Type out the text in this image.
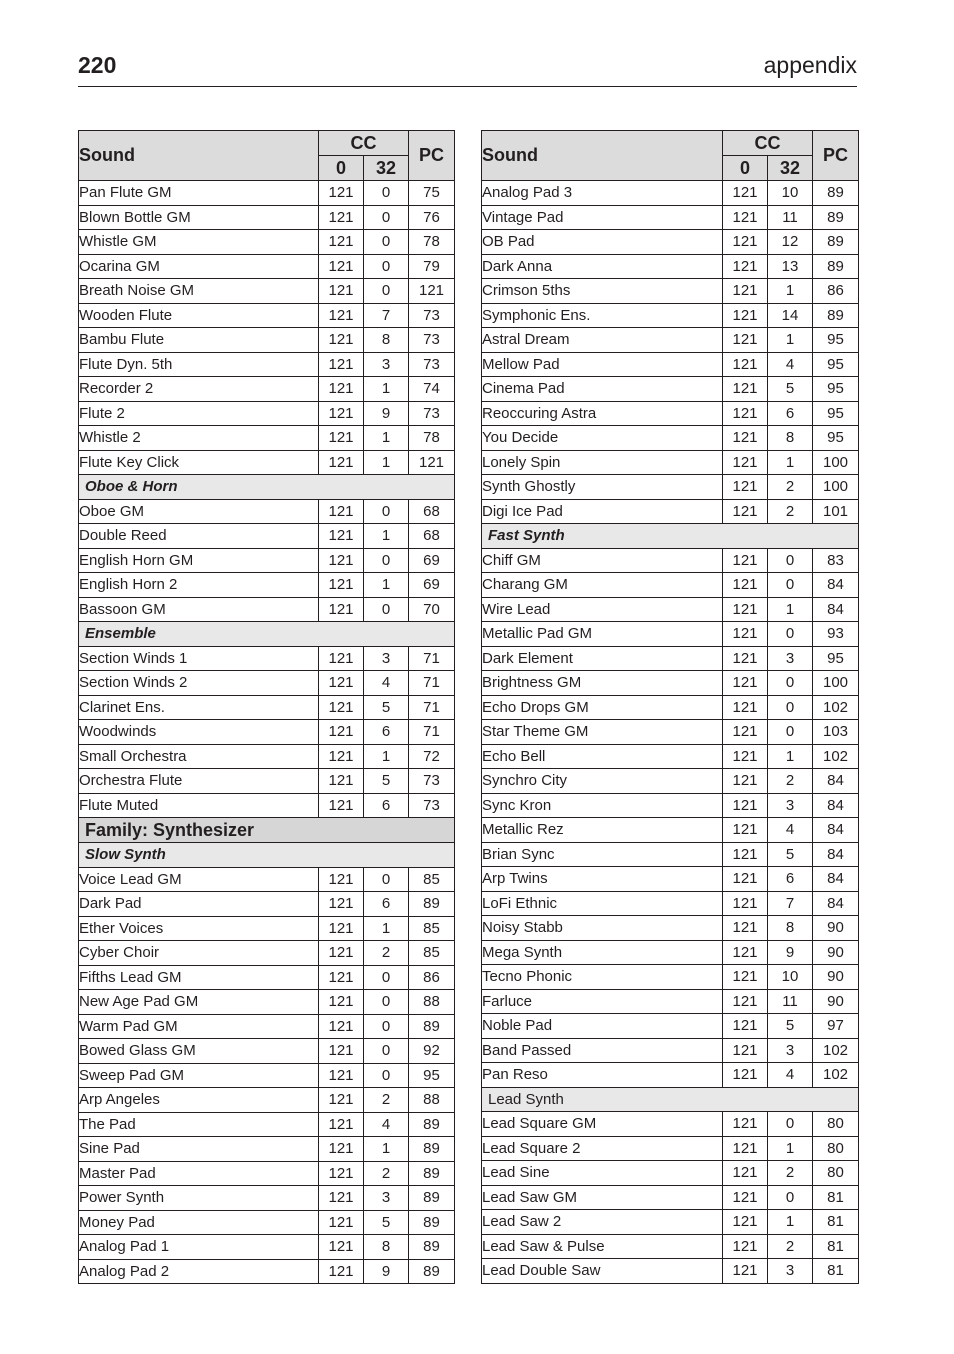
220	appendix
Sound	CC		PC
	0	32	
Pan Flute GM	121	0	75
Blown Bottle GM	121	0	76
Whistle GM	121	0	78
Ocarina GM	121	0	79
Breath Noise GM	121	0	121
Wooden Flute	121	7	73
Bambu Flute	121	8	73
Flute Dyn. 5th	121	3	73
Recorder 2	121	1	74
Flute 2	121	9	73
Whistle 2	121	1	78
Flute Key Click	121	1	121
Oboe & Horn			
Oboe GM	121	0	68
Double Reed	121	1	68
English Horn GM	121	0	69
English Horn 2	121	1	69
Bassoon GM	121	0	70
Ensemble			
Section Winds 1	121	3	71
Section Winds 2	121	4	71
Clarinet Ens.	121	5	71
Woodwinds	121	6	71
Small Orchestra	121	1	72
Orchestra Flute	121	5	73
Flute Muted	121	6	73
Family: Synthesizer			
Slow Synth			
Voice Lead GM	121	0	85
Dark Pad	121	6	89
Ether Voices	121	1	85
Cyber Choir	121	2	85
Fifths Lead GM	121	0	86
New Age Pad GM	121	0	88
Warm Pad GM	121	0	89
Bowed Glass GM	121	0	92
Sweep Pad GM	121	0	95
Arp Angeles	121	2	88
The Pad	121	4	89
Sine Pad	121	1	89
Master Pad	121	2	89
Power Synth	121	3	89
Money Pad	121	5	89
Analog Pad 1	121	8	89
Analog Pad 2	121	9	89
Sound	CC		PC
	0	32	
Analog Pad 3	121	10	89
Vintage Pad	121	11	89
OB Pad	121	12	89
Dark Anna	121	13	89
Crimson 5ths	121	1	86
Symphonic Ens.	121	14	89
Astral Dream	121	1	95
Mellow Pad	121	4	95
Cinema Pad	121	5	95
Reoccuring Astra	121	6	95
You Decide	121	8	95
Lonely Spin	121	1	100
Synth Ghostly	121	2	100
Digi Ice Pad	121	2	101
Fast Synth			
Chiff GM	121	0	83
Charang GM	121	0	84
Wire Lead	121	1	84
Metallic Pad GM	121	0	93
Dark Element	121	3	95
Brightness GM	121	0	100
Echo Drops GM	121	0	102
Star Theme GM	121	0	103
Echo Bell	121	1	102
Synchro City	121	2	84
Sync Kron	121	3	84
Metallic Rez	121	4	84
Brian Sync	121	5	84
Arp Twins	121	6	84
LoFi Ethnic	121	7	84
Noisy Stabb	121	8	90
Mega Synth	121	9	90
Tecno Phonic	121	10	90
Farluce	121	11	90
Noble Pad	121	5	97
Band Passed	121	3	102
Pan Reso	121	4	102
Lead Synth			
Lead Square GM	121	0	80
Lead Square 2	121	1	80
Lead Sine	121	2	80
Lead Saw GM	121	0	81
Lead Saw 2	121	1	81
Lead Saw & Pulse	121	2	81
Lead Double Saw	121	3	81
